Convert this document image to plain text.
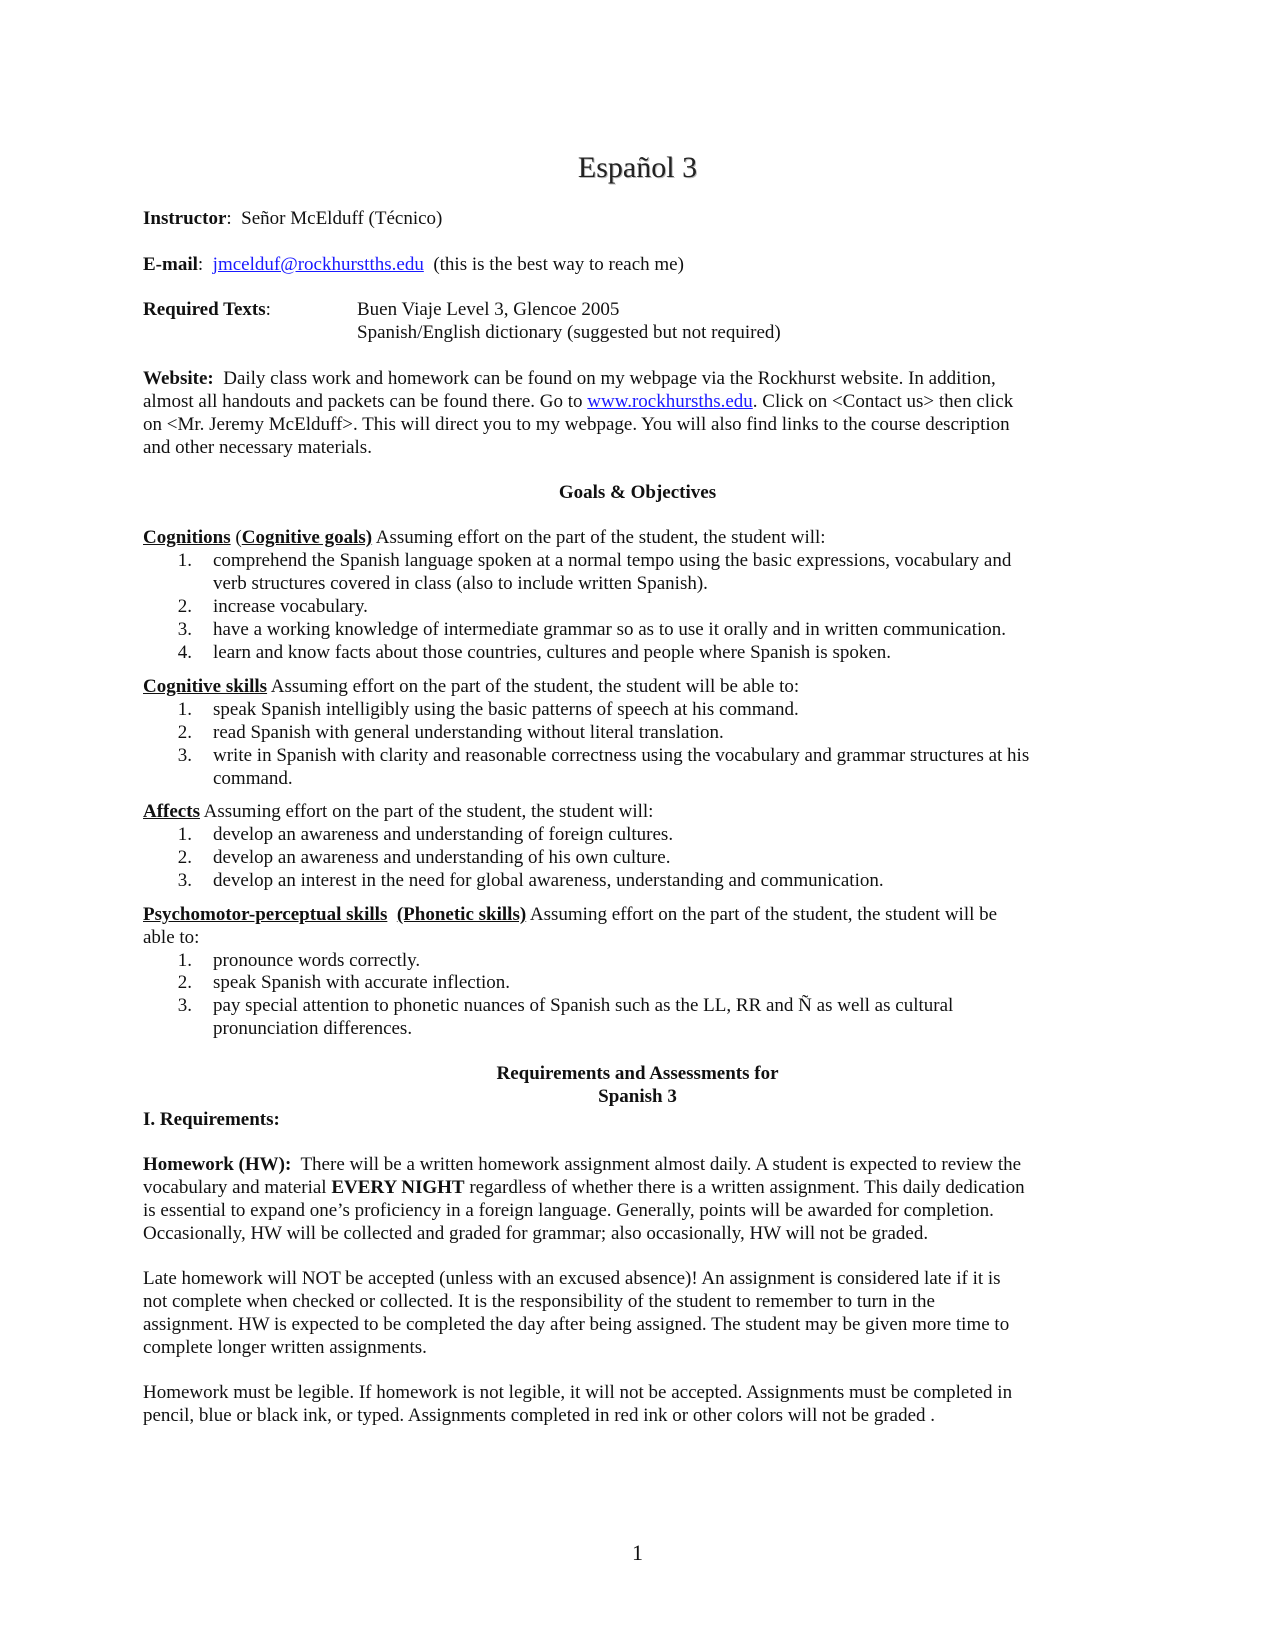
Español 3
Instructor:  Señor McElduff (Técnico)
E-mail:  jmcelduf@rockhurstths.edu (this is the best way to reach me)
Required Texts:	Buen Viaje Level 3, Glencoe 2005
Spanish/English dictionary (suggested but not required)
Website: Daily class work and homework can be found on my webpage via the Rockhurst website. In addition,
almost all handouts and packets can be found there. Go to www.rockhursths.edu. Click on <Contact us> then click
on <Mr. Jeremy McElduff>. This will direct you to my webpage. You will also find links to the course description
and other necessary materials.
Goals & Objectives
Cognitions (Cognitive goals) Assuming effort on the part of the student, the student will:
1. comprehend the Spanish language spoken at a normal tempo using the basic expressions, vocabulary and
verb structures covered in class (also to include written Spanish).
2. increase vocabulary.
3. have a working knowledge of intermediate grammar so as to use it orally and in written communication.
4. learn and know facts about those countries, cultures and people where Spanish is spoken.
Cognitive skills Assuming effort on the part of the student, the student will be able to:
1. speak Spanish intelligibly using the basic patterns of speech at his command.
2. read Spanish with general understanding without literal translation.
3. write in Spanish with clarity and reasonable correctness using the vocabulary and grammar structures at his
command.
Affects Assuming effort on the part of the student, the student will:
1. develop an awareness and understanding of foreign cultures.
2. develop an awareness and understanding of his own culture.
3. develop an interest in the need for global awareness, understanding and communication.
Psychomotor-perceptual skills (Phonetic skills) Assuming effort on the part of the student, the student will be
able to:
1. pronounce words correctly.
2. speak Spanish with accurate inflection.
3. pay special attention to phonetic nuances of Spanish such as the LL, RR and Ñ as well as cultural
pronunciation differences.
Requirements and Assessments for
Spanish 3
I. Requirements:
Homework (HW): There will be a written homework assignment almost daily. A student is expected to review the
vocabulary and material EVERY NIGHT regardless of whether there is a written assignment. This daily dedication
is essential to expand one’s proficiency in a foreign language. Generally, points will be awarded for completion.
Occasionally, HW will be collected and graded for grammar; also occasionally, HW will not be graded.
Late homework will NOT be accepted (unless with an excused absence)! An assignment is considered late if it is
not complete when checked or collected. It is the responsibility of the student to remember to turn in the
assignment. HW is expected to be completed the day after being assigned. The student may be given more time to
complete longer written assignments.
Homework must be legible. If homework is not legible, it will not be accepted. Assignments must be completed in
pencil, blue or black ink, or typed. Assignments completed in red ink or other colors will not be graded .
1
